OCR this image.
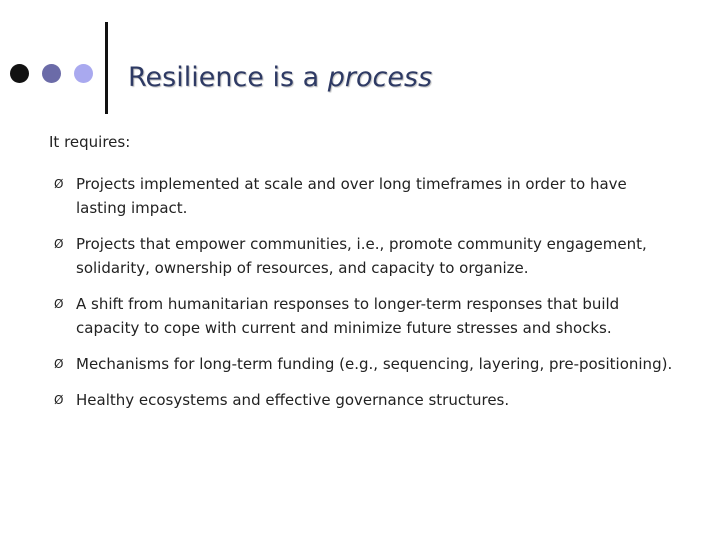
Resilience is a process
It requires:
Ø Projects implemented at scale and over long timeframes in order to have lasting impact.
Ø Projects that empower communities, i.e., promote community engagement, solidarity, ownership of resources, and capacity to organize.
Ø A shift from humanitarian responses to longer-term responses that build capacity to cope with current and minimize future stresses and shocks.
Ø Mechanisms for long-term funding (e.g., sequencing, layering, pre-positioning).
Ø Healthy ecosystems and effective governance structures.
